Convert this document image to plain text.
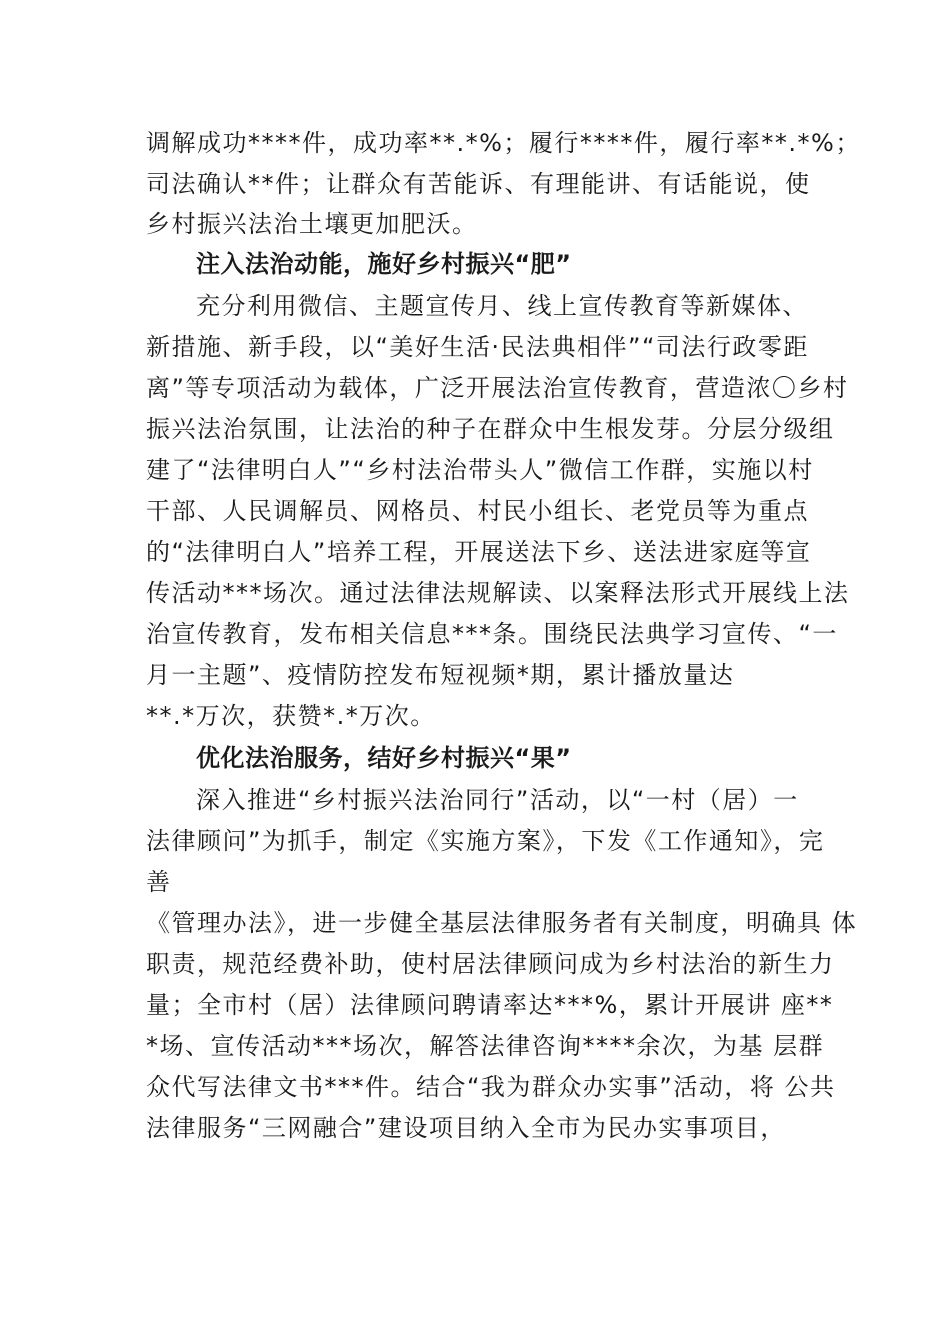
调解成功****件，成功率**.*%；履行****件，履行率**.*%；
司法确认**件；让群众有苦能诉、有理能讲、有话能说，使
乡村振兴法治土壤更加肥沃。
注入法治动能，施好乡村振兴“肥”
充分利用微信、主题宣传月、线上宣传教育等新媒体、
新措施、新手段，以“美好生活·民法典相伴”“司法行政零距
离”等专项活动为载体，广泛开展法治宣传教育，营造浓〇乡村
振兴法治氛围，让法治的种子在群众中生根发芽。分层分级组
建了“法律明白人”“乡村法治带头人”微信工作群，实施以村
干部、人民调解员、网格员、村民小组长、老党员等为重点
的“法律明白人”培养工程，开展送法下乡、送法进家庭等宣
传活动***场次。通过法律法规解读、以案释法形式开展线上法
治宣传教育，发布相关信息***条。围绕民法典学习宣传、“一
月一主题”、疫情防控发布短视频*期，累计播放量达
**.*万次，获赞*.*万次。
优化法治服务，结好乡村振兴“果”
深入推进“乡村振兴法治同行”活动，以“一村（居）一
法律顾问”为抓手，制定《实施方案》，下发《工作通知》，完
善
《管理办法》，进一步健全基层法律服务者有关制度，明确具 体
职责，规范经费补助，使村居法律顾问成为乡村法治的新生力
量；全市村（居）法律顾问聘请率达***%，累计开展讲 座**
*场、宣传活动***场次，解答法律咨询****余次，为基 层群
众代写法律文书***件。结合“我为群众办实事”活动，将 公共
法律服务“三网融合”建设项目纳入全市为民办实事项目，
